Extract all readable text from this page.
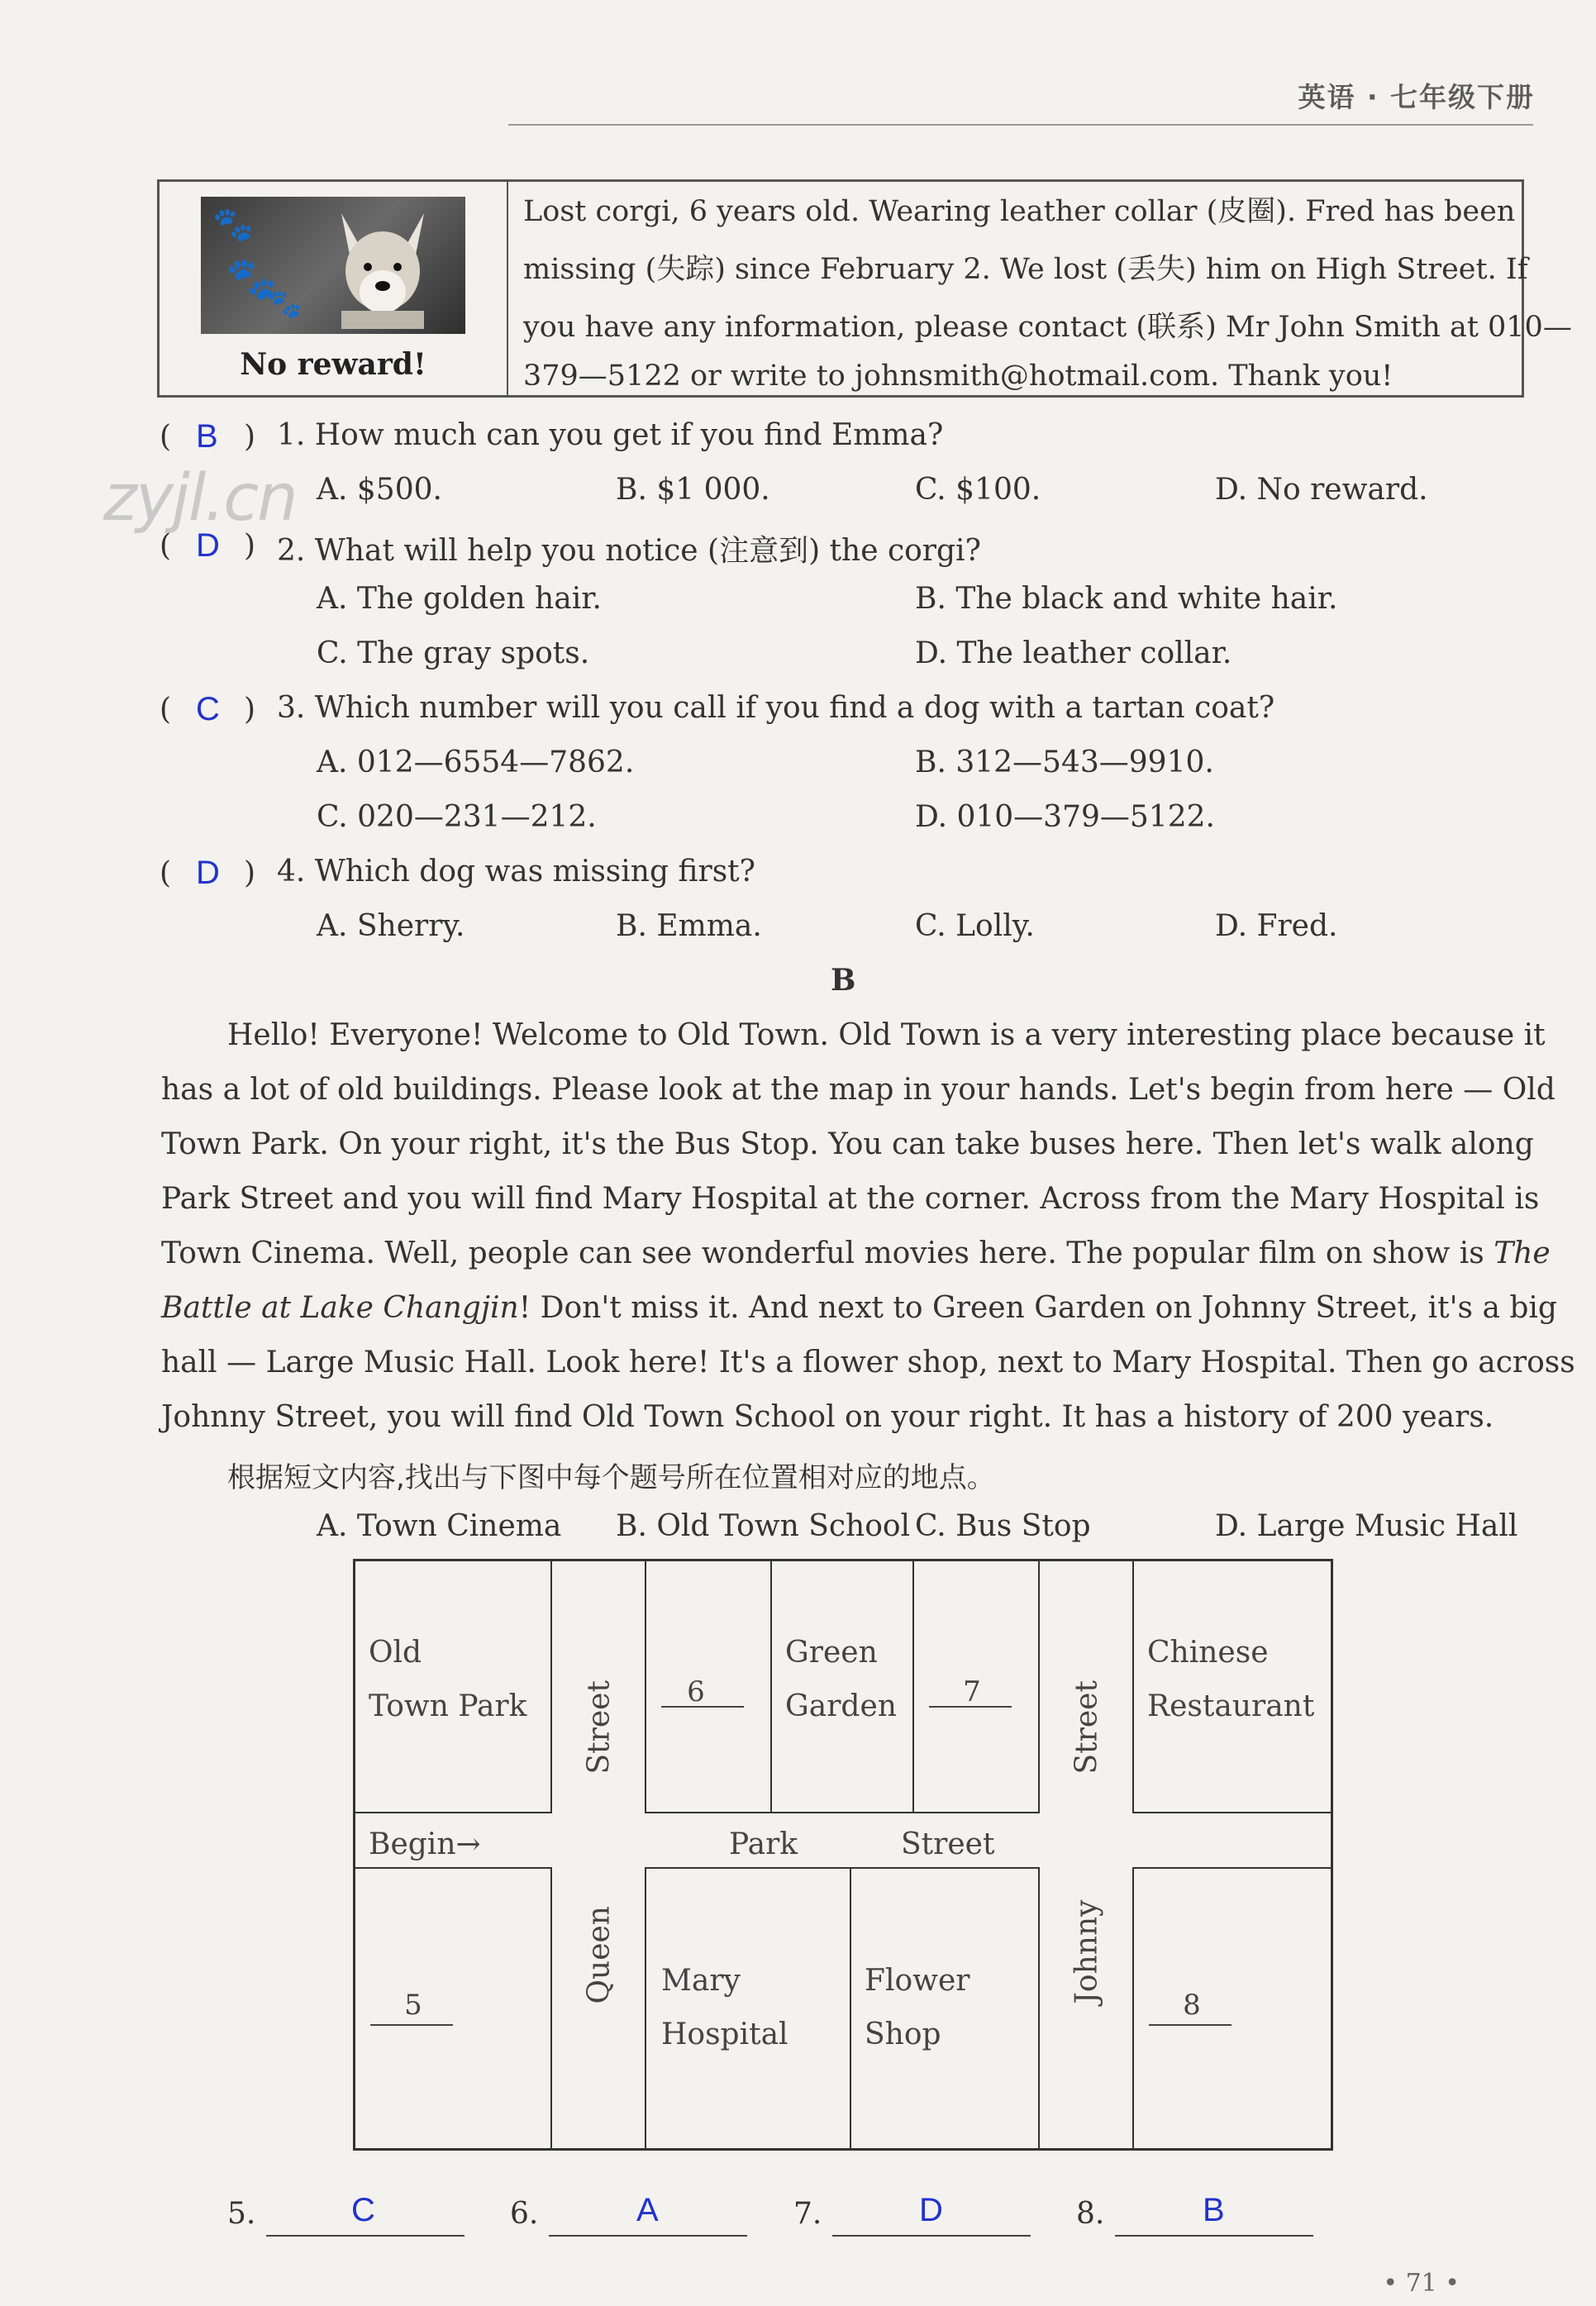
英语 · 七年级下册
🐾
🐾
🐾
No reward!
Lost corgi, 6 years old. Wearing leather collar (皮圈). Fred has been
missing (失踪) since February 2. We lost (丢失) him on High Street. If
you have any information, please contact (联系) Mr John Smith at 010—
379—5122 or write to johnsmith@hotmail.com. Thank you!
zyjl.cn
( B ) 1. How much can you get if you find Emma?
A. $500.	B. $1 000.	C. $100.	D. No reward.
( D ) 2. What will help you notice (注意到) the corgi?
A. The golden hair.	B. The black and white hair.
C. The gray spots.	D. The leather collar.
( C ) 3. Which number will you call if you find a dog with a tartan coat?
A. 012—6554—7862.	B. 312—543—9910.
C. 020—231—212.	D. 010—379—5122.
( D ) 4. Which dog was missing first?
A. Sherry.	B. Emma.	C. Lolly.	D. Fred.
B
Hello! Everyone! Welcome to Old Town. Old Town is a very interesting place because it
has a lot of old buildings. Please look at the map in your hands. Let's begin from here — Old
Town Park. On your right, it's the Bus Stop. You can take buses here. Then let's walk along
Park Street and you will find Mary Hospital at the corner. Across from the Mary Hospital is
Town Cinema. Well, people can see wonderful movies here. The popular film on show is The
Battle at Lake Changjin! Don't miss it. And next to Green Garden on Johnny Street, it's a big
hall — Large Music Hall. Look here! It's a flower shop, next to Mary Hospital. Then go across
Johnny Street, you will find Old Town School on your right. It has a history of 200 years.
根据短文内容,找出与下图中每个题号所在位置相对应的地点。
A. Town Cinema B. Old Town School C. Bus Stop	D. Large Music Hall
Old
Town Park	6
Green
Garden	7
Chinese
Restaurant
Begin→	Park	Street
5
Mary
Hospital
Flower
Shop
8
Street
Queen
Street
Johnny
5.	C	6.	A	7.	D	8.	B
• 71 •
